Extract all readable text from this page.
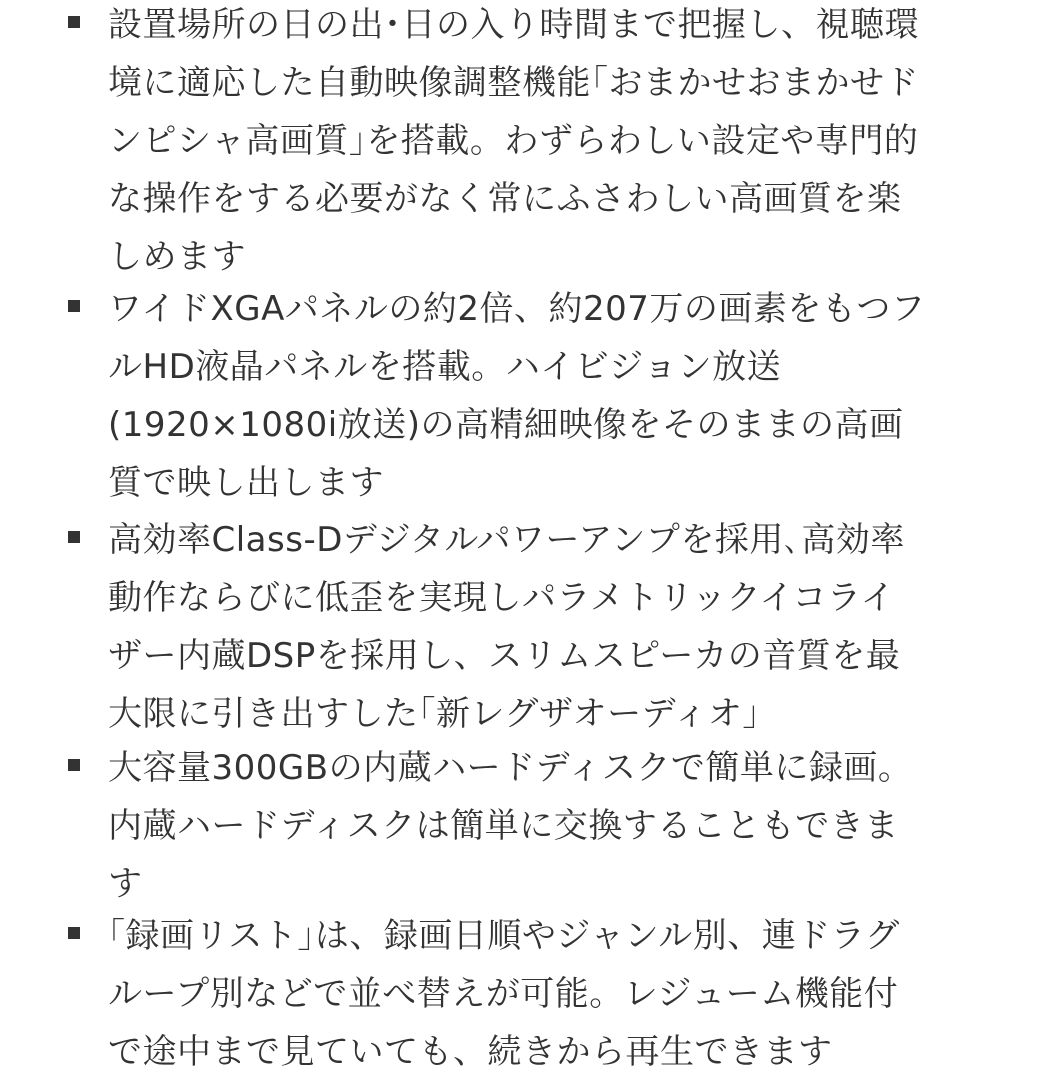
設置場所の日の出･日の入り時間まで把握し、視聴環
境に適応した自動映像調整機能｢おまかせおまかせド
ンピシャ高画質｣を搭載。わずらわしい設定や専門的
な操作をする必要がなく常にふさわしい高画質を楽
しめます
ワイドXGAパネルの約2倍、約207万の画素をもつフ
ルHD液晶パネルを搭載。ハイビジョン放送
(1920×1080i放送)の高精細映像をそのままの高画
質で映し出します
高効率Class-Dデジタルパワーアンプを採用､高効率
動作ならびに低歪を実現しパラメトリックイコライ
ザー内蔵DSPを採用し、スリムスピーカの音質を最
大限に引き出すした｢新レグザオーディオ｣
大容量300GBの内蔵ハードディスクで簡単に録画。
内蔵ハードディスクは簡単に交換することもできま
す
｢録画リスト｣は、録画日順やジャンル別、連ドラグ
ループ別などで並べ替えが可能。レジューム機能付
で途中まで見ていても、続きから再生できます
